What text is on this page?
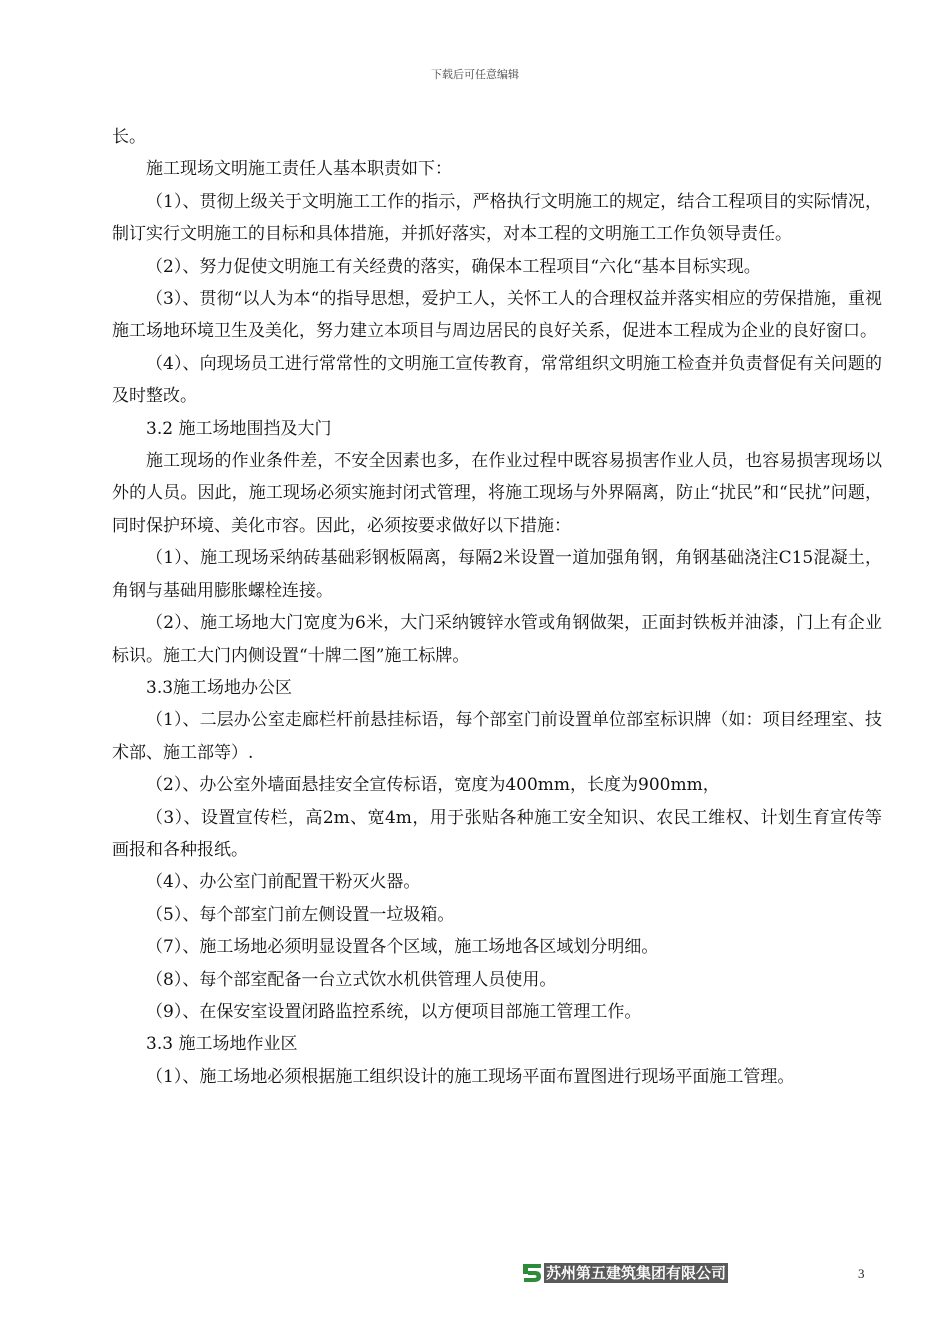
下载后可任意编辑

长。

施工现场文明施工责任人基本职责如下：

（1）、贯彻上级关于文明施工工作的指示，严格执行文明施工的规定，结合工程项目的实际情况，制订实行文明施工的目标和具体措施，并抓好落实，对本工程的文明施工工作负领导责任。

（2）、努力促使文明施工有关经费的落实，确保本工程项目“六化“基本目标实现。

（3）、贯彻“以人为本“的指导思想，爱护工人，关怀工人的合理权益并落实相应的劳保措施，重视施工场地环境卫生及美化，努力建立本项目与周边居民的良好关系，促进本工程成为企业的良好窗口。

（4）、向现场员工进行常常性的文明施工宣传教育，常常组织文明施工检查并负责督促有关问题的及时整改。

3.2 施工场地围挡及大门

施工现场的作业条件差，不安全因素也多，在作业过程中既容易损害作业人员，也容易损害现场以外的人员。因此，施工现场必须实施封闭式管理，将施工现场与外界隔离，防止“扰民”和“民扰”问题，同时保护环境、美化市容。因此，必须按要求做好以下措施：

（1）、施工现场采纳砖基础彩钢板隔离，每隔2米设置一道加强角钢，角钢基础浇注C15混凝土，角钢与基础用膨胀螺栓连接。

（2）、施工场地大门宽度为6米，大门采纳镀锌水管或角钢做架，正面封铁板并油漆，门上有企业标识。施工大门内侧设置“十牌二图”施工标牌。

3.3施工场地办公区

（1）、二层办公室走廊栏杆前悬挂标语，每个部室门前设置单位部室标识牌（如：项目经理室、技术部、施工部等）.

（2）、办公室外墙面悬挂安全宣传标语，宽度为400mm，长度为900mm，

（3）、设置宣传栏，高2m、宽4m，用于张贴各种施工安全知识、农民工维权、计划生育宣传等画报和各种报纸。

（4）、办公室门前配置干粉灭火器。

（5）、每个部室门前左侧设置一垃圾箱。

（7）、施工场地必须明显设置各个区域，施工场地各区域划分明细。

（8）、每个部室配备一台立式饮水机供管理人员使用。

（9）、在保安室设置闭路监控系统，以方便项目部施工管理工作。

3.3 施工场地作业区

（1）、施工场地必须根据施工组织设计的施工现场平面布置图进行现场平面施工管理。

苏州第五建筑集团有限公司	3
